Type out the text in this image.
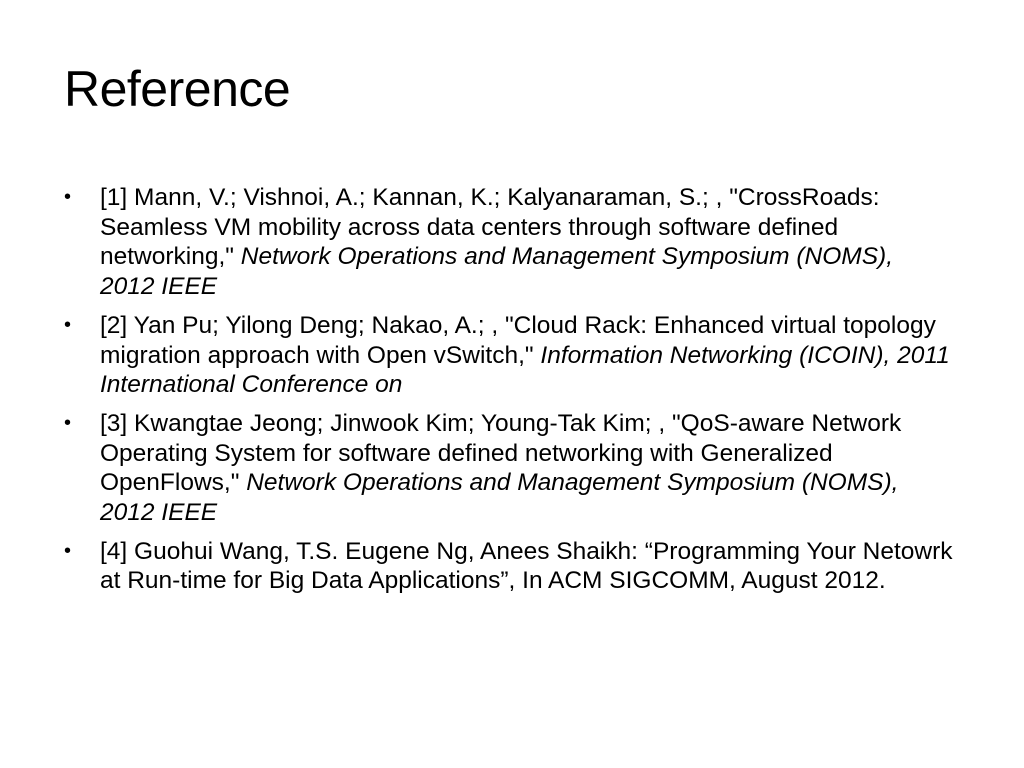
Reference
• [1] Mann, V.; Vishnoi, A.; Kannan, K.; Kalyanaraman, S.; , "CrossRoads: Seamless VM mobility across data centers through software defined networking," Network Operations and Management Symposium (NOMS), 2012 IEEE
• [2] Yan Pu; Yilong Deng; Nakao, A.; , "Cloud Rack: Enhanced virtual topology migration approach with Open vSwitch," Information Networking (ICOIN), 2011 International Conference on
• [3] Kwangtae Jeong; Jinwook Kim; Young-Tak Kim; , "QoS-aware Network Operating System for software defined networking with Generalized OpenFlows," Network Operations and Management Symposium (NOMS), 2012 IEEE
• [4] Guohui Wang, T.S. Eugene Ng, Anees Shaikh: “Programming Your Netowrk at Run-time for Big Data Applications”, In ACM SIGCOMM, August 2012.
